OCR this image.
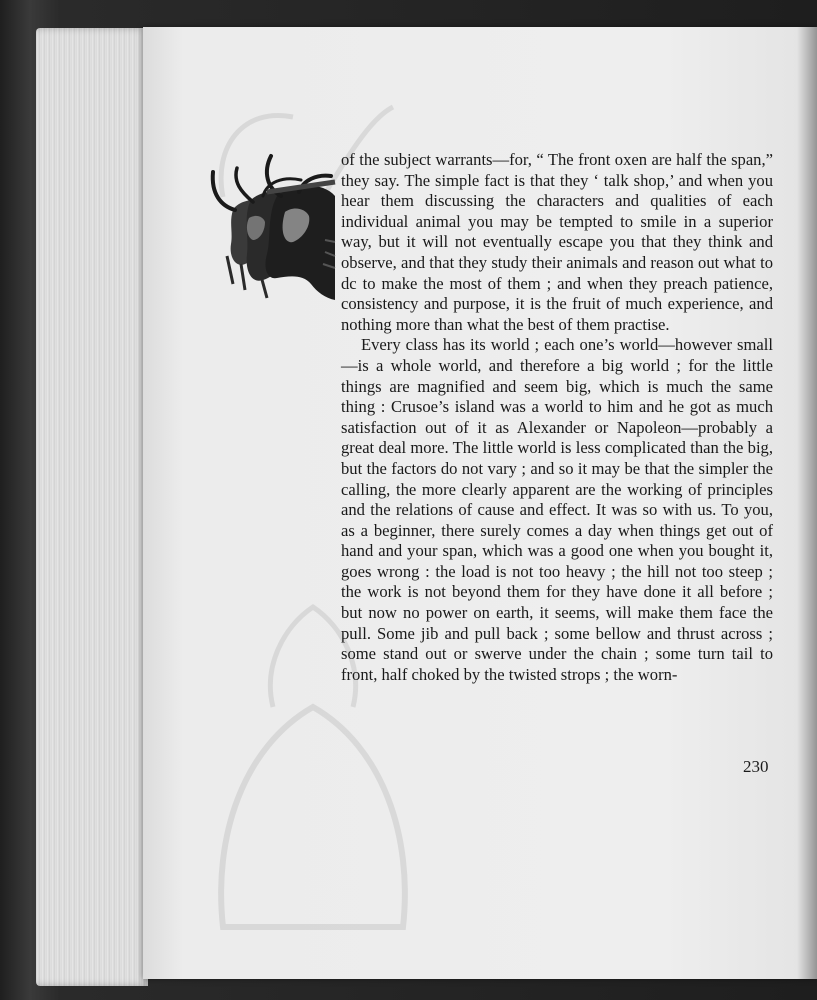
of the subject warrants—for, “ The front oxen are half the span,” they say. The simple fact is that they ‘ talk shop,’ and when you hear them discussing the characters and qualities of each individual animal you may be tempted to smile in a superior way, but it will not eventually escape you that they think and observe, and that they study their animals and reason out what to dc to make the most of them ; and when they preach patience, consistency and purpose, it is the fruit of much experience, and nothing more than what the best of them practise.

Every class has its world ; each one’s world—however small—is a whole world, and therefore a big world ; for the little things are magnified and seem big, which is much the same thing : Crusoe’s island was a world to him and he got as much satisfaction out of it as Alexander or Napoleon—probably a great deal more. The little world is less complicated than the big, but the factors do not vary ; and so it may be that the simpler the calling, the more clearly apparent are the working of principles and the relations of cause and effect. It was so with us. To you, as a beginner, there surely comes a day when things get out of hand and your span, which was a good one when you bought it, goes wrong : the load is not too heavy ; the hill not too steep ; the work is not beyond them for they have done it all before ; but now no power on earth, it seems, will make them face the pull. Some jib and pull back ; some bellow and thrust across ; some stand out or swerve under the chain ; some turn tail to front, half choked by the twisted strops ; the worn-

230
